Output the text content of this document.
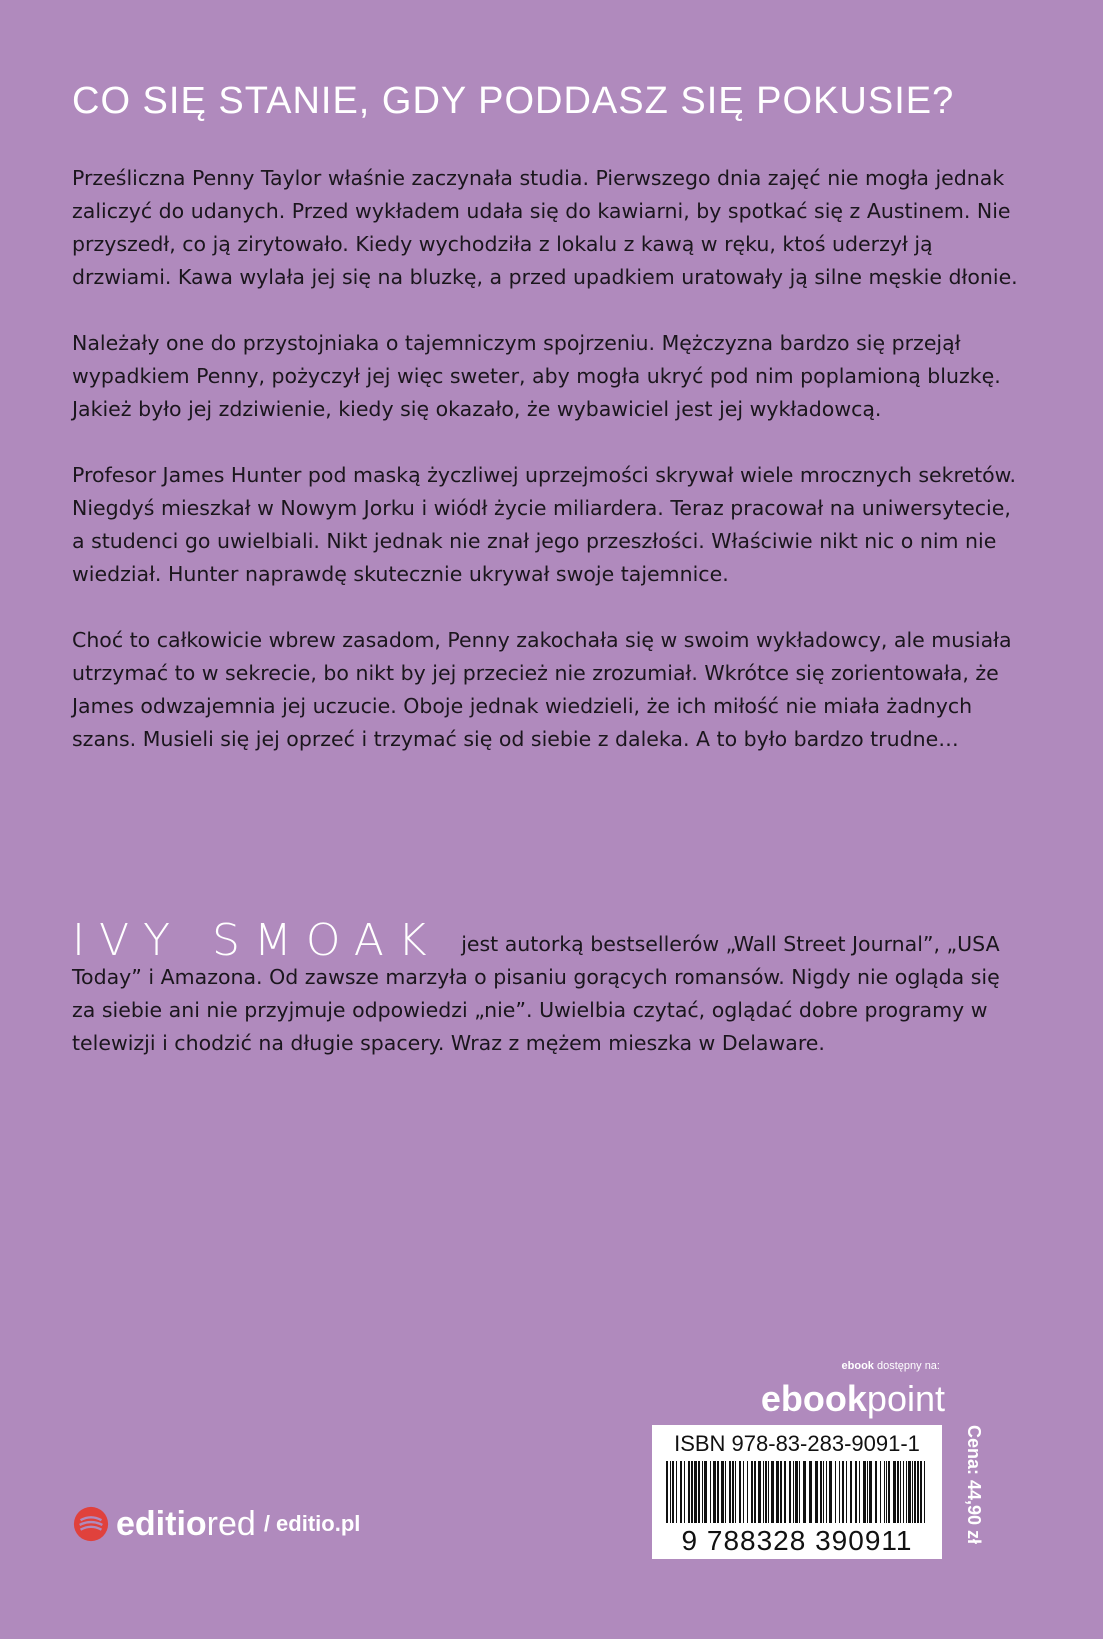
CO SIĘ STANIE, GDY PODDASZ SIĘ POKUSIE?

Prześliczna Penny Taylor właśnie zaczynała studia. Pierwszego dnia zajęć nie mogła jednak zaliczyć do udanych. Przed wykładem udała się do kawiarni, by spotkać się z Austinem. Nie przyszedł, co ją zirytowało. Kiedy wychodziła z lokalu z kawą w ręku, ktoś uderzył ją drzwiami. Kawa wylała jej się na bluzkę, a przed upadkiem uratowały ją silne męskie dłonie.

Należały one do przystojniaka o tajemniczym spojrzeniu. Mężczyzna bardzo się przejął wypadkiem Penny, pożyczył jej więc sweter, aby mogła ukryć pod nim poplamioną bluzkę. Jakież było jej zdziwienie, kiedy się okazało, że wybawiciel jest jej wykładowcą.

Profesor James Hunter pod maską życzliwej uprzejmości skrywał wiele mrocznych sekretów. Niegdyś mieszkał w Nowym Jorku i wiódł życie miliardera. Teraz pracował na uniwersytecie, a studenci go uwielbiali. Nikt jednak nie znał jego przeszłości. Właściwie nikt nic o nim nie wiedział. Hunter naprawdę skutecznie ukrywał swoje tajemnice.

Choć to całkowicie wbrew zasadom, Penny zakochała się w swoim wykładowcy, ale musiała utrzymać to w sekrecie, bo nikt by jej przecież nie zrozumiał. Wkrótce się zorientowała, że James odwzajemnia jej uczucie. Oboje jednak wiedzieli, że ich miłość nie miała żadnych szans. Musieli się jej oprzeć i trzymać się od siebie z daleka. A to było bardzo trudne…

IVY SMOAK jest autorką bestsellerów „Wall Street Journal”, „USA Today” i Amazona. Od zawsze marzyła o pisaniu gorących romansów. Nigdy nie ogląda się za siebie ani nie przyjmuje odpowiedzi „nie”. Uwielbia czytać, oglądać dobre programy w telewizji i chodzić na długie spacery. Wraz z mężem mieszka w Delaware.
ebook dostępny na:
ebookpoint
ISBN 978-83-283-9091-1
9 788328 390911	Cena: 44,90 zł
editiored / editio.pl
